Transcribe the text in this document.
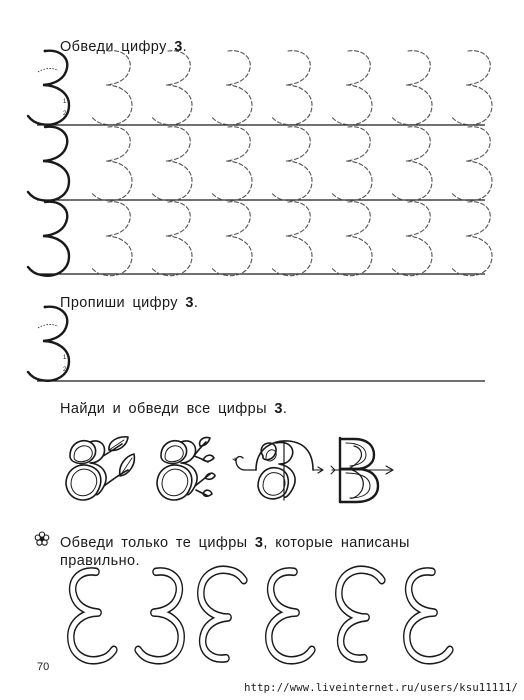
Обведи цифру 3.
Пропиши цифру 3.
Найди и обведи все цифры 3.
Обведи только те цифры 3, которые написаны
правильно.
70
http://www.liveinternet.ru/users/ksu11111/
1
2
1
2
